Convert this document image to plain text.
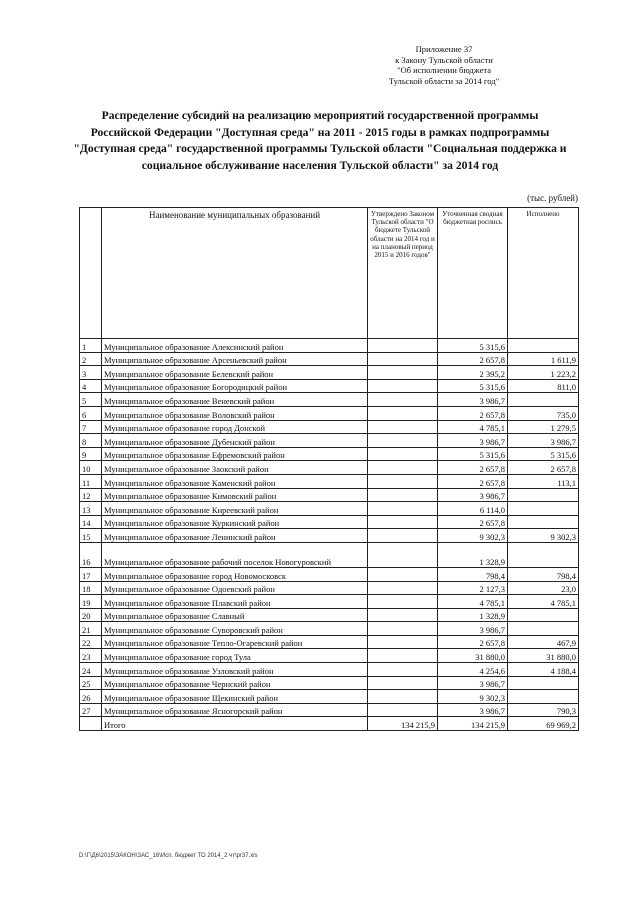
Приложение 37
к Закону Тульской области
"Об исполнении бюджета
Тульской области за 2014 год"
Распределение субсидий на реализацию мероприятий государственной программы Российской Федерации "Доступная среда" на 2011 - 2015 годы в рамках подпрограммы "Доступная среда" государственной программы Тульской области "Социальная поддержка и социальное обслуживание населения Тульской области" за 2014 год
(тыс. рублей)
	Наименование муниципальных образований	Утверждено Законом Тульской области "О бюджете Тульской области на 2014 год и на плановый период 2015 и 2016 годов"	Уточненная сводная бюджетная роспись	Исполнено
1	Муниципальное образование Алексинский район		5 315,6	
2	Муниципальное образование Арсеньевский район		2 657,8	1 611,9
3	Муниципальное образование Белевский район		2 395,2	1 223,2
4	Муниципальное образование Богородицкий район		5 315,6	811,0
5	Муниципальное образование Веневский район		3 986,7	
6	Муниципальное образование Воловский район		2 657,8	735,0
7	Муниципальное образование город Донской		4 785,1	1 279,5
8	Муниципальное образование Дубенский район		3 986,7	3 986,7
9	Муниципальное образование Ефремовский район		5 315,6	5 315,6
10	Муниципальное образование Заокский район		2 657,8	2 657,8
11	Муниципальное образование Каменский район		2 657,8	113,1
12	Муниципальное образование Кимовский район		3 986,7	
13	Муниципальное образование Киреевский район		6 114,0	
14	Муниципальное образование Куркинский район		2 657,8	
15	Муниципальное образование Ленинский район		9 302,3	9 302,3
16	Муниципальное образование рабочий поселок Новогуровский		1 328,9	
17	Муниципальное образование город Новомосковск		798,4	798,4
18	Муниципальное образование Одоевский район		2 127,3	23,0
19	Муниципальное образование Плавский район		4 785,1	4 785,1
20	Муниципальное образование Славный		1 328,9	
21	Муниципальное образование Суворовский район		3 986,7	
22	Муниципальное образование Тепло-Огаревский район		2 657,8	467,9
23	Муниципальное образование город Тула		31 880,0	31 880,0
24	Муниципальное образование Узловский район		4 254,6	4 188,4
25	Муниципальное образование Чернский район		3 986,7	
26	Муниципальное образование Щекинский район		9 302,3	
27	Муниципальное образование Ясногорский район		3 986,7	790,3
	Итого	134 215,9	134 215,9	69 969,2
D:\Г\Д6\2015\ЗАКОН\ЗАС_16\Исп. бюджет ТО 2014_2 чт\pr37.xls
